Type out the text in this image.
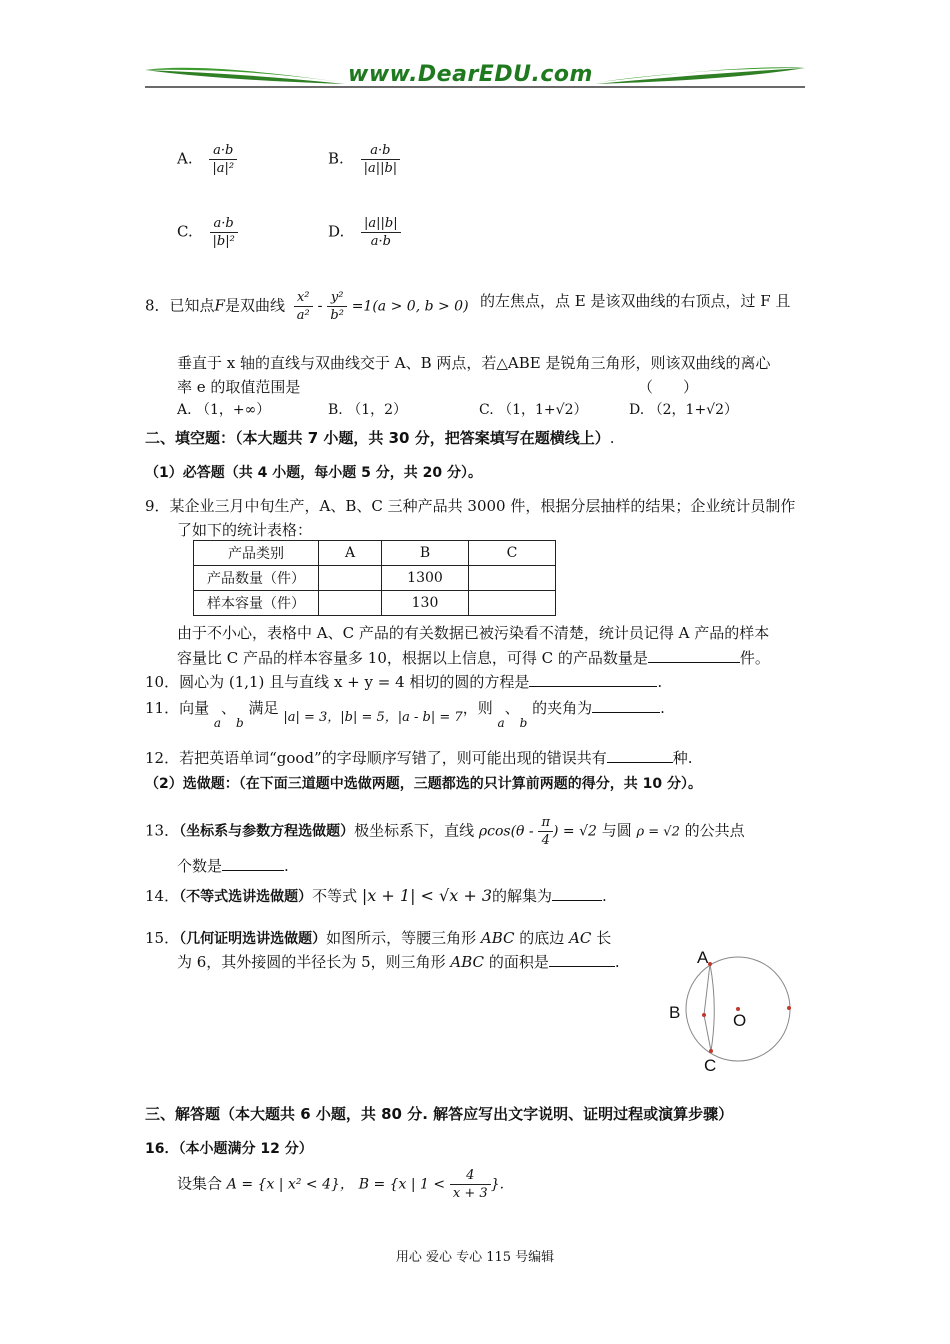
www.DearEDU.com
A. $\frac{a\cdot b}{\text{|a|²}}$	B. $\frac{a\cdot b}{|a||b|}$
C. $\frac{a\cdot b}{\text{|b|²}}$	D. $\frac{|a||b|}{a\cdot b}$
8．已知点F是双曲线 $\frac{\text{x²}}{\text{a²}} - \frac{\text{y²}}{\text{b²}} =1(a > 0$, b > 0) 的左焦点，点 E 是该双曲线的右顶点，过 F 且
垂直于 x 轴的直线与双曲线交于 A、B 两点，若△ABE 是锐角三角形，则该双曲线的离心
率 e 的取值范围是	（　　）
A. （1，+∞）	B. （1，2）	C. （1，1+√2）	D. （2，1+√2）
二、填空题：（本大题共 7 小题，共 30 分，把答案填写在题横线上）.
（1）必答题（共 4 小题，每小题 5 分，共 20 分）。
9．某企业三月中旬生产，A、B、C 三种产品共 3000 件，根据分层抽样的结果；企业统计员制作
了如下的统计表格：
产品类别	A	B	C
产品数量（件）		1300	
样本容量（件）		130	
由于不小心，表格中 A、C 产品的有关数据已被污染看不清楚，统计员记得 A 产品的样本
容量比 C 产品的样本容量多 10，根据以上信息，可得 C 的产品数量是	件。
10．圆心为 (1,1) 且与直线 x + y = 4 相切的圆的方程是	.
11．向量 $_a$、$_b$ 满足 |a| = 3，|b| = 5，|a - b| = 7，则 $_a$、$_b$ 的夹角为	.
12．若把英语单词“good”的字母顺序写错了，则可能出现的错误共有	种.
（2）选做题：（在下面三道题中选做两题，三题都选的只计算前两题的得分，共 10 分）。
13．（坐标系与参数方程选做题）极坐标系下，直线 $\rho\cos(\theta - \frac{\pi}{4}$ ) = √2 与圆 ρ = √2 的公共点
个数是	.
14．（不等式选讲选做题）不等式 |x + 1| < √x + 3的解集为	.
15．（几何证明选讲选做题）如图所示，等腰三角形 ABC 的底边 AC 长
为 6，其外接圆的半径长为 5，则三角形 ABC 的面积是	.	A
B
C
O
三、解答题（本大题共 6 小题，共 80 分. 解答应写出文字说明、证明过程或演算步骤）
16．（本小题满分 12 分）
设集合 A = {x | x² < 4}， B = {x | $1 < \frac{4}{x + 3}$ }.
用心 爱心 专心 115 号编辑
